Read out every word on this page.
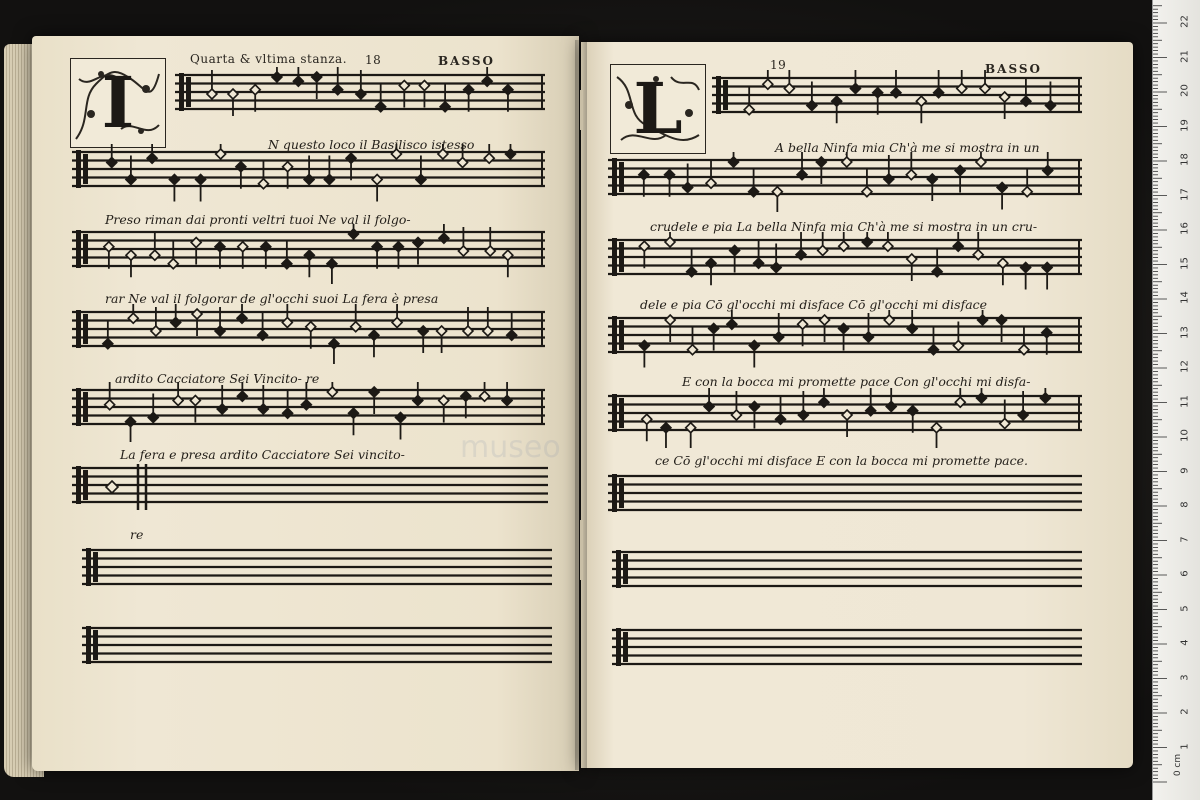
museo
Quarta & vltima stanza. 18	BASSO
I	19	BASSO
L
N questo loco il Basilisco istesso
Preso riman dai pronti veltri tuoi Ne val il folgo-
rar Ne val il folgorar de gl'occhi suoi La fera è presa
ardito Cacciatore Sei Vincito- re
La fera e presa ardito Cacciatore Sei vincito-
re
A bella Ninfa mia Ch'à me si mostra in un
crudele e pia La bella Ninfa mia Ch'à me si mostra in un cru-
dele e pia Cō gl'occhi mi disface Cō gl'occhi mi disface
E con la bocca mi promette pace Con gl'occhi mi disfa-
ce Cō gl'occhi mi disface E con la bocca mi promette pace.
22
21
20
19
18
17
16
15
14
13
12
11
10
9
8
7
6
5
4
3
2
1
0 cm
